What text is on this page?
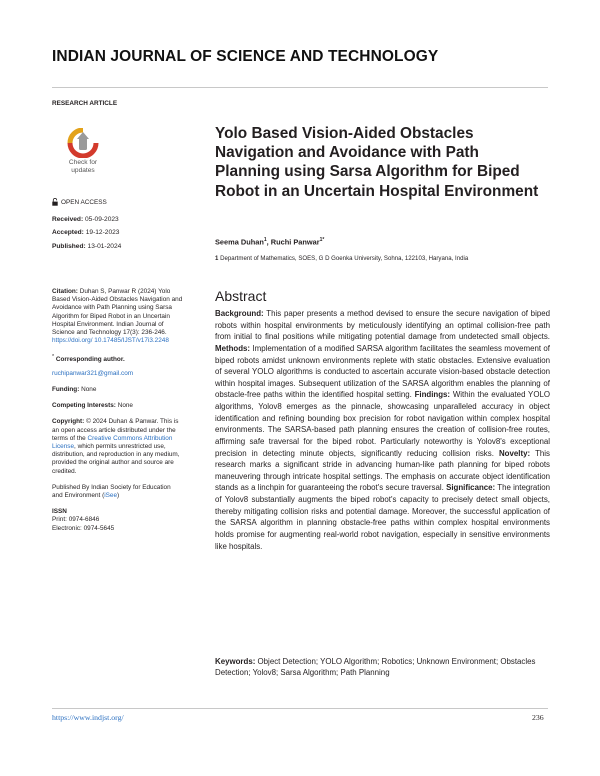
INDIAN JOURNAL OF SCIENCE AND TECHNOLOGY
RESEARCH ARTICLE
Check for
updates
OPEN ACCESS
Received: 05-09-2023
Accepted: 19-12-2023
Published: 13-01-2024
Citation: Duhan S, Panwar R (2024) Yolo Based Vision-Aided Obstacles Navigation and Avoidance with Path Planning using Sarsa Algorithm for Biped Robot in an Uncertain Hospital Environment. Indian Journal of Science and Technology 17(3): 236-246. https://doi.org/ 10.17485/IJST/v17i3.2248
* Corresponding author.
ruchipanwar321@gmail.com
Funding: None
Competing Interests: None
Copyright: © 2024 Duhan & Panwar. This is an open access article distributed under the terms of the Creative Commons Attribution License, which permits unrestricted use, distribution, and reproduction in any medium, provided the original author and source are credited.
Published By Indian Society for Education and Environment (iSee)
ISSN
Print: 0974-6846
Electronic: 0974-5645
Yolo Based Vision-Aided Obstacles Navigation and Avoidance with Path Planning using Sarsa Algorithm for Biped Robot in an Uncertain Hospital Environment
Seema Duhan$^1$, Ruchi Panwar$^{1*}$
1 Department of Mathematics, SOES, G D Goenka University, Sohna, 122103, Haryana, India
Abstract
Background: This paper presents a method devised to ensure the secure navigation of biped robots within hospital environments by meticulously identifying an optimal collision-free path from initial to final positions while mitigating potential damage from undetected small objects. Methods: Implementation of a modified SARSA algorithm facilitates the seamless movement of biped robots amidst unknown environments replete with static obstacles. Extensive evaluation of several YOLO algorithms is conducted to ascertain accurate vision-based obstacle detection within hospital images. Subsequent utilization of the SARSA algorithm enables the planning of obstacle-free paths within the identified hospital setting. Findings: Within the evaluated YOLO algorithms, Yolov8 emerges as the pinnacle, showcasing unparalleled accuracy in object identification and refining bounding box precision for robot navigation within complex hospital environments. The SARSA-based path planning ensures the creation of collision-free routes, affirming safe traversal for the biped robot. Particularly noteworthy is Yolov8's exceptional precision in detecting minute objects, significantly reducing collision risks. Novelty: This research marks a significant stride in advancing human-like path planning for biped robots maneuvering through intricate hospital settings. The emphasis on accurate object identification stands as a linchpin for guaranteeing the robot's secure traversal. Significance: The integration of Yolov8 substantially augments the biped robot's capacity to precisely detect small objects, thereby mitigating collision risks and potential damage. Moreover, the successful application of the SARSA algorithm in planning obstacle-free paths within complex hospital environments holds promise for augmenting real-world robot navigation, especially in sensitive environments like hospitals.
Keywords: Object Detection; YOLO Algorithm; Robotics; Unknown Environment; Obstacles Detection; Yolov8; Sarsa Algorithm; Path Planning
https://www.indjst.org/	236
